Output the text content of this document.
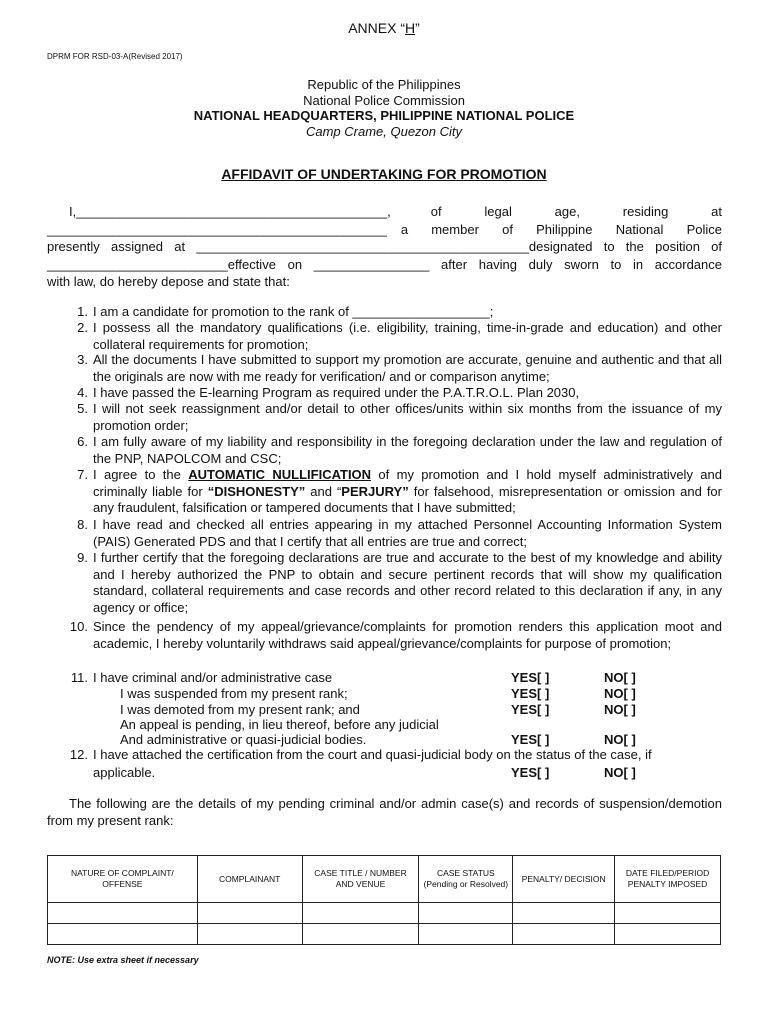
ANNEX “H”
DPRM FOR RSD-03-A(Revised 2017)
Republic of the Philippines
National Police Commission
NATIONAL HEADQUARTERS, PHILIPPINE NATIONAL POLICE
Camp Crame, Quezon City
AFFIDAVIT OF UNDERTAKING FOR PROMOTION
I,___________________________________________,	of legal age, residing at
_______________________________________________	a member of Philippine National Police
presently assigned at ______________________________________________designated to the position of
_________________________effective on ________________ after having duly sworn to in accordance
with law, do hereby depose and state that:
1. I am a candidate for promotion to the rank of ___________________;
2. I possess all the mandatory qualifications (i.e. eligibility, training, time-in-grade and education) and other collateral requirements for promotion;
3. All the documents I have submitted to support my promotion are accurate, genuine and authentic and that all the originals are now with me ready for verification/ and or comparison anytime;
4. I have passed the E-learning Program as required under the P.A.T.R.O.L. Plan 2030,
5. I will not seek reassignment and/or detail to other offices/units within six months from the issuance of my promotion order;
6. I am fully aware of my liability and responsibility in the foregoing declaration under the law and regulation of the PNP, NAPOLCOM and CSC;
7. I agree to the AUTOMATIC NULLIFICATION of my promotion and I hold myself administratively and criminally liable for “DISHONESTY” and “PERJURY” for falsehood, misrepresentation or omission and for any fraudulent, falsification or tampered documents that I have submitted;
8. I have read and checked all entries appearing in my attached Personnel Accounting Information System (PAIS) Generated PDS and that I certify that all entries are true and correct;
9. I further certify that the foregoing declarations are true and accurate to the best of my knowledge and ability and I hereby authorized the PNP to obtain and secure pertinent records that will show my qualification standard, collateral requirements and case records and other record related to this declaration if any, in any agency or office;
10. Since the pendency of my appeal/grievance/complaints for promotion renders this application moot and academic, I hereby voluntarily withdraws said appeal/grievance/complaints for purpose of promotion;
11. I have criminal and/or administrative case	YES[ ]	NO[ ]
I was suspended from my present rank;	YES[ ]	NO[ ]
I was demoted from my present rank; and	YES[ ]	NO[ ]
An appeal is pending, in lieu thereof, before any judicial
And administrative or quasi-judicial bodies.	YES[ ]	NO[ ]
12. I have attached the certification from the court and quasi-judicial body on the status of the case, if
applicable.	YES[ ]	NO[ ]
The following are the details of my pending criminal and/or admin case(s) and records of suspension/demotion from my present rank:
NATURE OF COMPLAINT/ OFFENSE	COMPLAINANT	CASE TITLE / NUMBER AND VENUE	CASE STATUS (Pending or Resolved)	PENALTY/ DECISION	DATE FILED/PERIOD PENALTY IMPOSED

NOTE: Use extra sheet if necessary
